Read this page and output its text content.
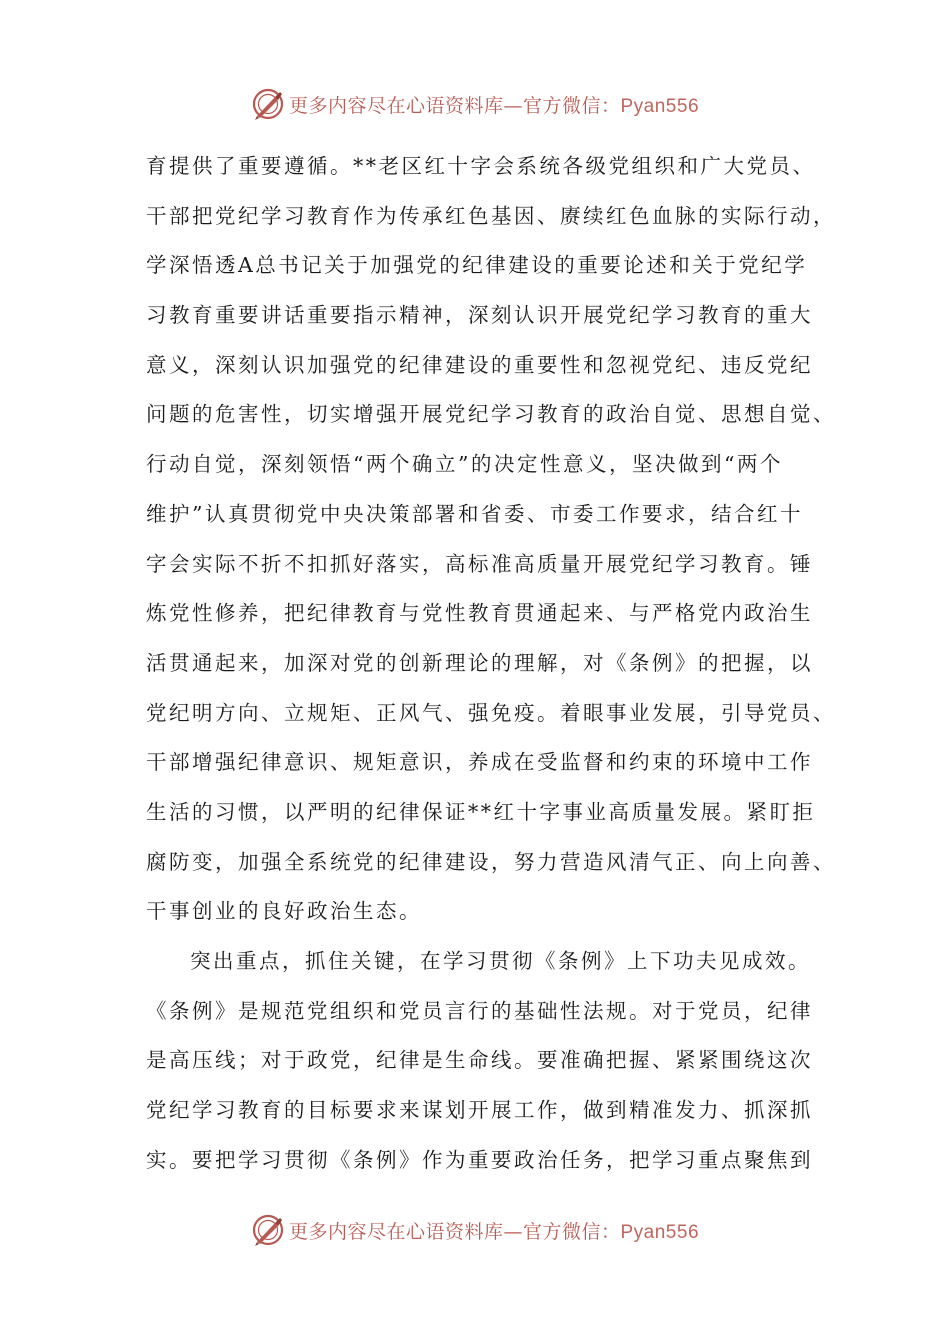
更多内容尽在心语资料库—官方微信：Pyan556
育提供了重要遵循。**老区红十字会系统各级党组织和广大党员、
干部把党纪学习教育作为传承红色基因、赓续红色血脉的实际行动，
学深悟透A总书记关于加强党的纪律建设的重要论述和关于党纪学
习教育重要讲话重要指示精神，深刻认识开展党纪学习教育的重大
意义，深刻认识加强党的纪律建设的重要性和忽视党纪、违反党纪
问题的危害性，切实增强开展党纪学习教育的政治自觉、思想自觉、
行动自觉，深刻领悟“两个确立”的决定性意义，坚决做到“两个
维护”认真贯彻党中央决策部署和省委、市委工作要求，结合红十
字会实际不折不扣抓好落实，高标准高质量开展党纪学习教育。锤
炼党性修养，把纪律教育与党性教育贯通起来、与严格党内政治生
活贯通起来，加深对党的创新理论的理解，对《条例》的把握，以
党纪明方向、立规矩、正风气、强免疫。着眼事业发展，引导党员、
干部增强纪律意识、规矩意识，养成在受监督和约束的环境中工作
生活的习惯，以严明的纪律保证**红十字事业高质量发展。紧盯拒
腐防变，加强全系统党的纪律建设，努力营造风清气正、向上向善、
干事创业的良好政治生态。
突出重点，抓住关键，在学习贯彻《条例》上下功夫见成效。
《条例》是规范党组织和党员言行的基础性法规。对于党员，纪律
是高压线；对于政党，纪律是生命线。要准确把握、紧紧围绕这次
党纪学习教育的目标要求来谋划开展工作，做到精准发力、抓深抓
实。要把学习贯彻《条例》作为重要政治任务，把学习重点聚焦到
更多内容尽在心语资料库—官方微信：Pyan556
